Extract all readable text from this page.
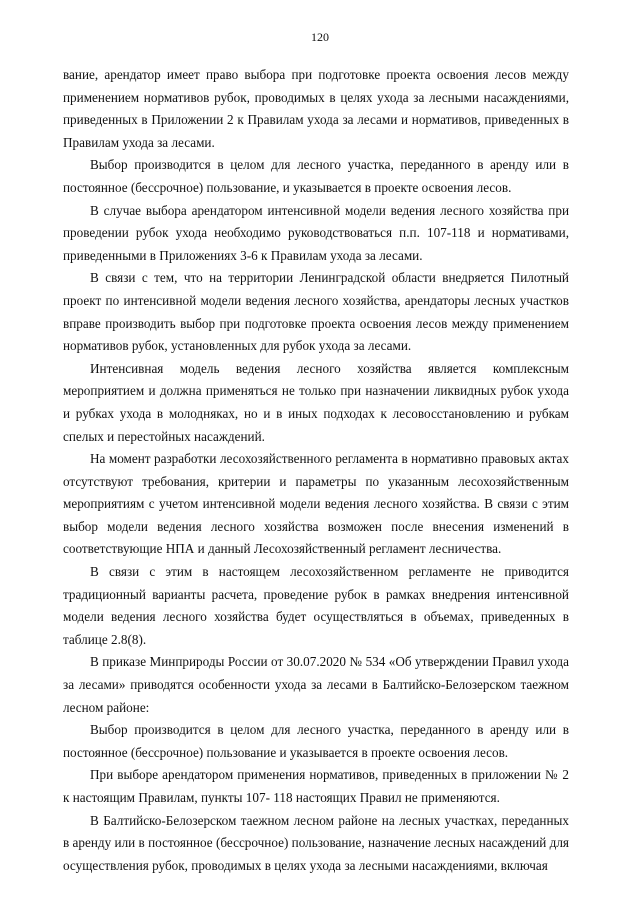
120

вание, арендатор имеет право выбора при подготовке проекта освоения лесов между применением нормативов рубок, проводимых в целях ухода за лесными насаждениями, приведенных в Приложении 2 к Правилам ухода за лесами и нормативов, приведенных в Правилам ухода за лесами.

Выбор производится в целом для лесного участка, переданного в аренду или в постоянное (бессрочное) пользование, и указывается в проекте освоения лесов.

В случае выбора арендатором интенсивной модели ведения лесного хозяйства при проведении рубок ухода необходимо руководствоваться п.п. 107-118 и нормативами, приведенными в Приложениях 3-6 к Правилам ухода за лесами.

В связи с тем, что на территории Ленинградской области внедряется Пилотный проект по интенсивной модели ведения лесного хозяйства, арендаторы лесных участков вправе производить выбор при подготовке проекта освоения лесов между применением нормативов рубок, установленных для рубок ухода за лесами.

Интенсивная модель ведения лесного хозяйства является комплексным мероприятием и должна применяться не только при назначении ликвидных рубок ухода и рубках ухода в молодняках, но и в иных подходах к лесовосстановлению и рубкам спелых и перестойных насаждений.

На момент разработки лесохозяйственного регламента в нормативно правовых актах отсутствуют требования, критерии и параметры по указанным лесохозяйственным мероприятиям с учетом интенсивной модели ведения лесного хозяйства. В связи с этим выбор модели ведения лесного хозяйства возможен после внесения изменений в соответствующие НПА и данный Лесохозяйственный регламент лесничества.

В связи с этим в настоящем лесохозяйственном регламенте не приводится традиционный варианты расчета, проведение рубок в рамках внедрения интенсивной модели ведения лесного хозяйства будет осуществляться в объемах, приведенных в таблице 2.8(8).

В приказе Минприроды России от 30.07.2020 № 534 «Об утверждении Правил ухода за лесами» приводятся особенности ухода за лесами в Балтийско-Белозерском таежном лесном районе:

Выбор производится в целом для лесного участка, переданного в аренду или в постоянное (бессрочное) пользование и указывается в проекте освоения лесов.

При выборе арендатором применения нормативов, приведенных в приложении № 2 к настоящим Правилам, пункты 107- 118 настоящих Правил не применяются.

В Балтийско-Белозерском таежном лесном районе на лесных участках, переданных в аренду или в постоянное (бессрочное) пользование, назначение лесных насаждений для осуществления рубок, проводимых в целях ухода за лесными насаждениями, включая
